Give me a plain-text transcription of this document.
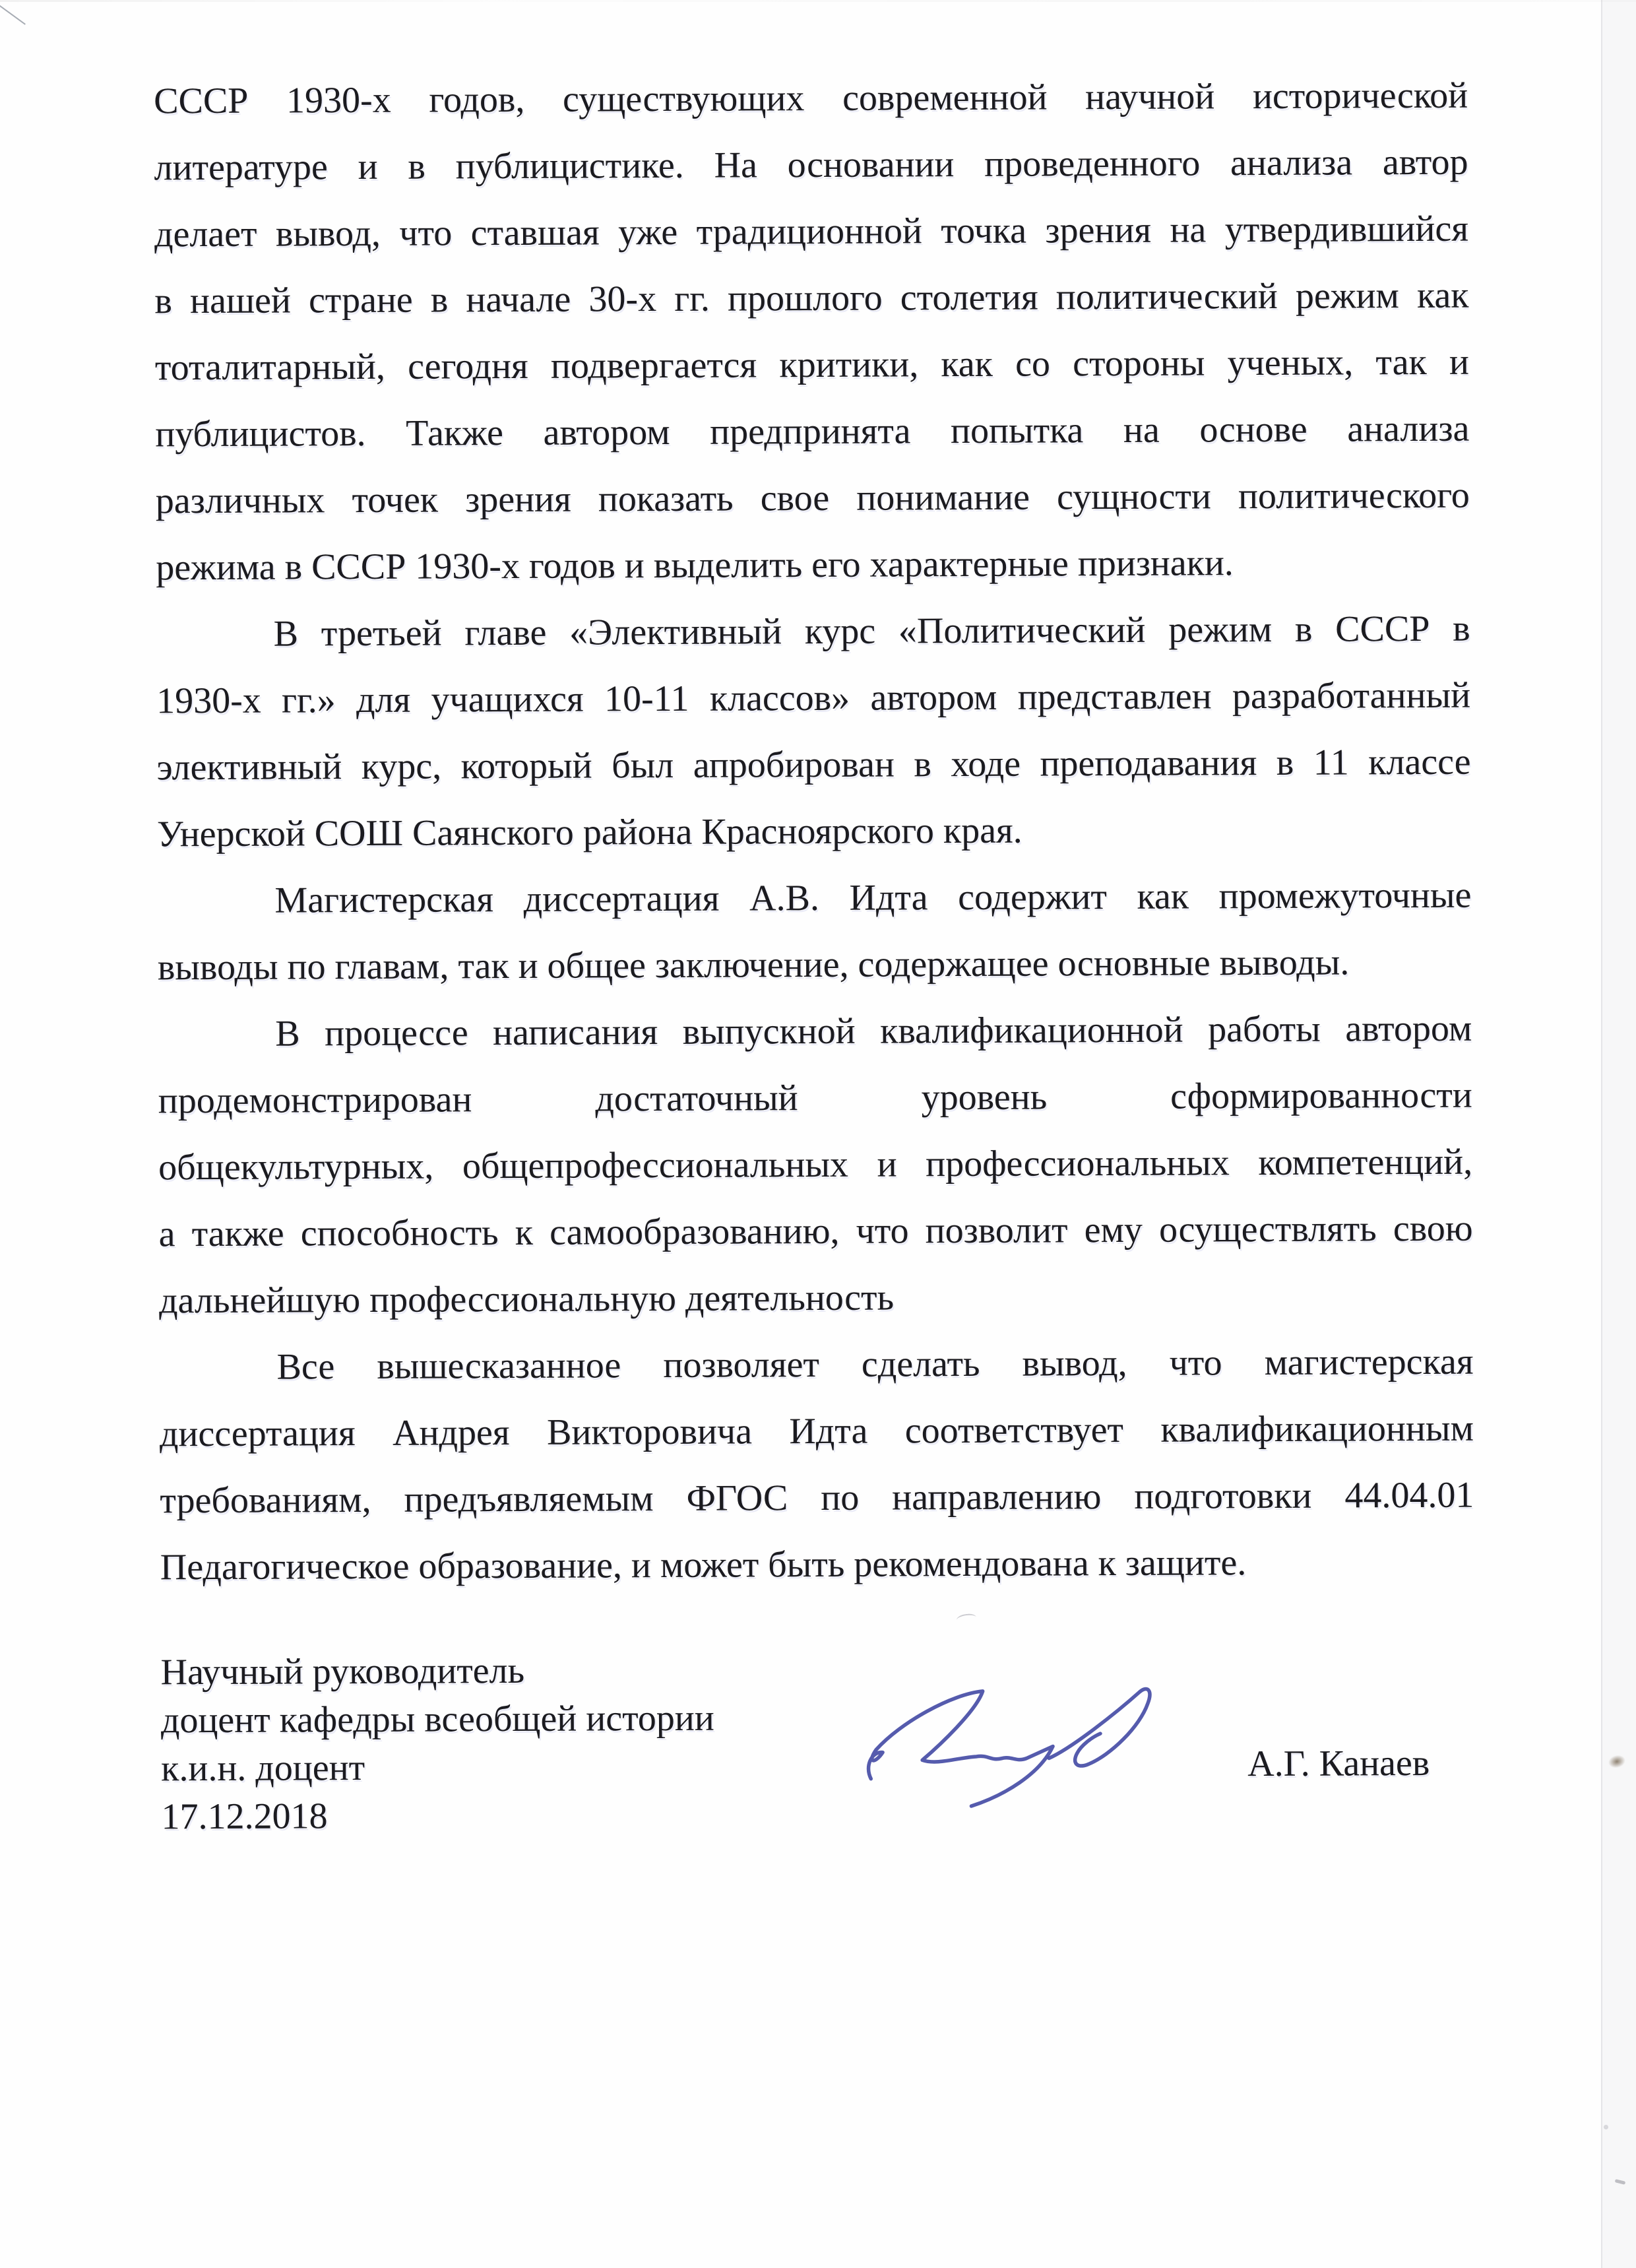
СССР 1930-х годов, существующих современной научной исторической
литературе и в публицистике. На основании проведенного анализа автор
делает вывод, что ставшая уже традиционной точка зрения на утвердившийся
в нашей стране в начале 30-х гг. прошлого столетия политический режим как
тоталитарный, сегодня подвергается критики, как со стороны ученых, так и
публицистов. Также автором предпринята попытка на основе анализа
различных точек зрения показать свое понимание сущности политического
режима в СССР 1930-х годов и выделить его характерные признаки.
В третьей главе «Элективный курс «Политический режим в СССР в
1930-х гг.» для учащихся 10-11 классов» автором представлен разработанный
элективный курс, который был апробирован в ходе преподавания в 11 классе
Унерской СОШ Саянского района Красноярского края.
Магистерская диссертация А.В. Идта содержит как промежуточные
выводы по главам, так и общее заключение, содержащее основные выводы.
В процессе написания выпускной квалификационной работы автором
продемонстрирован достаточный уровень сформированности
общекультурных, общепрофессиональных и профессиональных компетенций,
а также способность к самообразованию, что позволит ему осуществлять свою
дальнейшую профессиональную деятельность
Все вышесказанное позволяет сделать вывод, что магистерская
диссертация Андрея Викторовича Идта соответствует квалификационным
требованиям, предъявляемым ФГОС по направлению подготовки 44.04.01
Педагогическое образование, и может быть рекомендована к защите.
Научный руководитель
доцент кафедры всеобщей истории
к.и.н. доцент
17.12.2018
А.Г. Канаев
